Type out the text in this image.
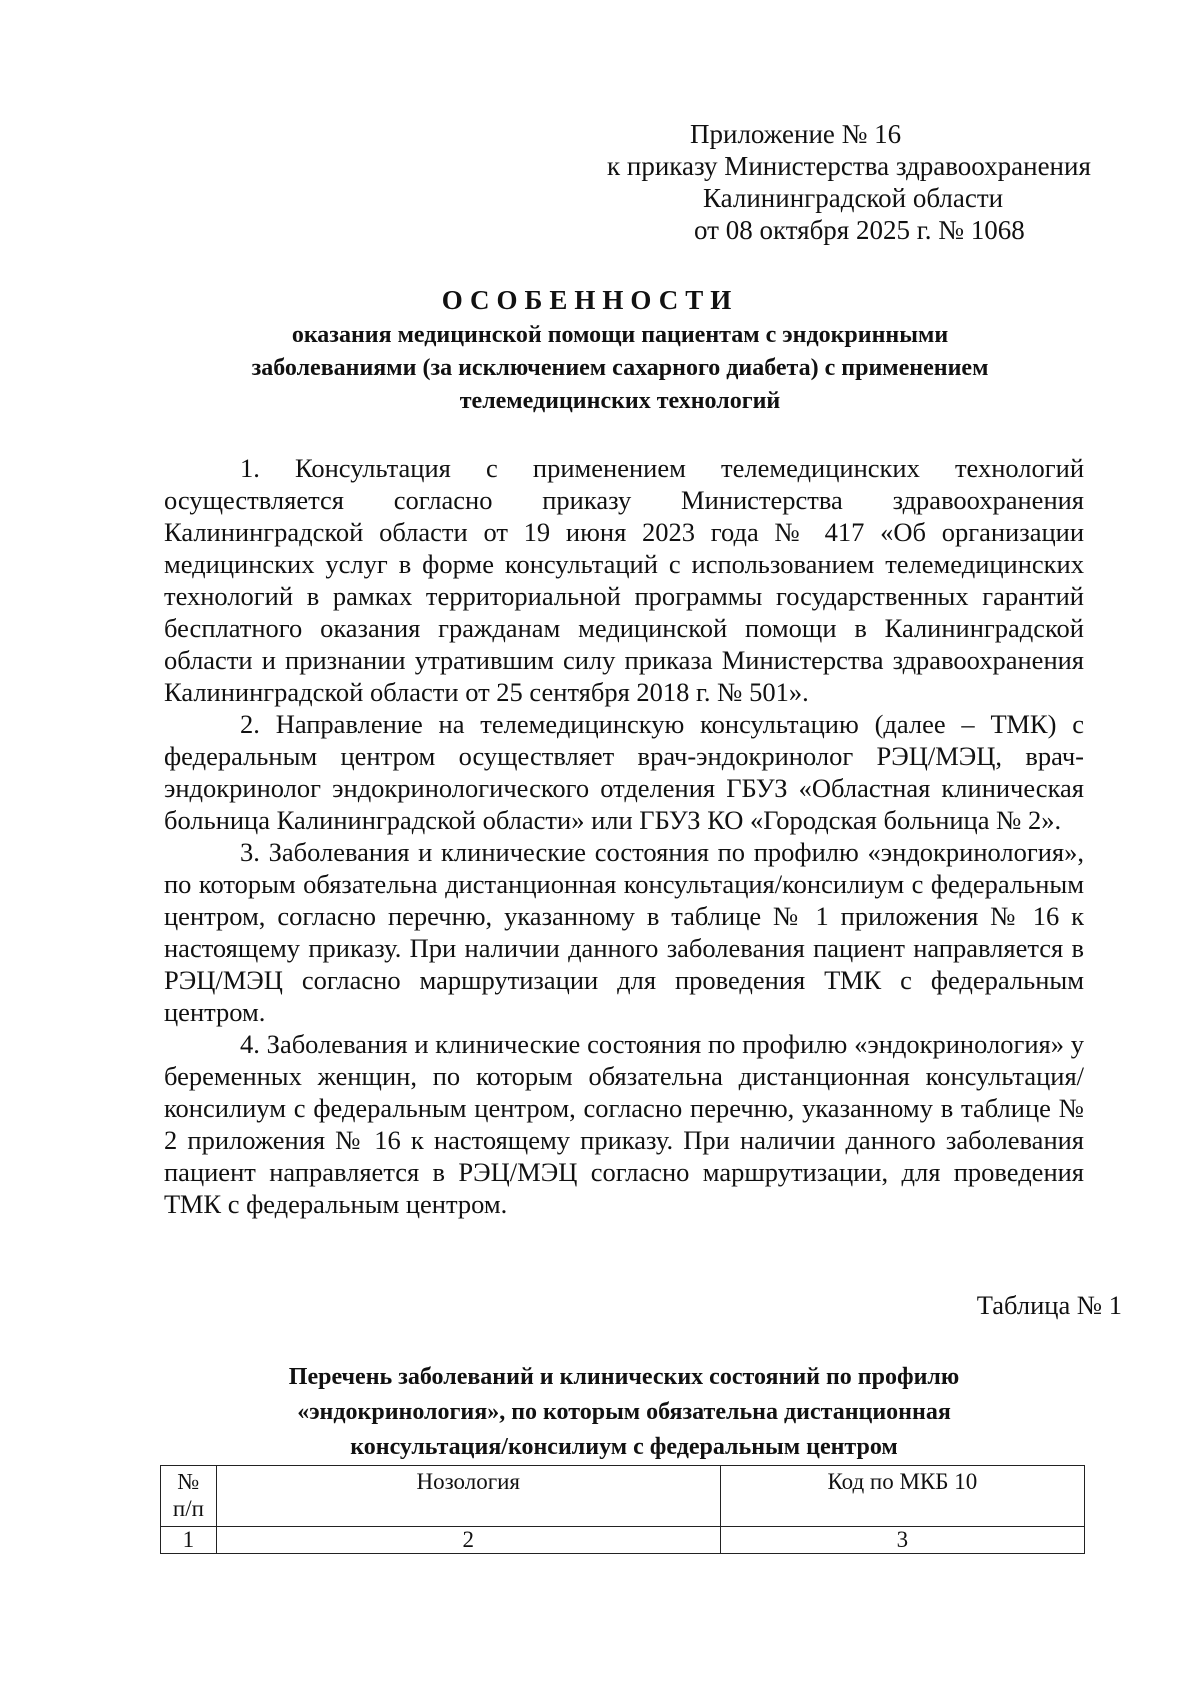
Приложение № 16
к приказу Министерства здравоохранения
Калининградской области
от 08 октября 2025 г. № 1068
ОСОБЕННОСТИ
оказания медицинской помощи пациентам с эндокринными
заболеваниями (за исключением сахарного диабета) с применением
телемедицинских технологий

1. Консультация с применением телемедицинских технологий осуществляется согласно приказу Министерства здравоохранения Калининградской области от 19 июня 2023 года № 417 «Об организации медицинских услуг в форме консультаций с использованием телемедицинских технологий в рамках территориальной программы государственных гарантий бесплатного оказания гражданам медицинской помощи в Калининградской области и признании утратившим силу приказа Министерства здравоохранения Калининградской области от 25 сентября 2018 г. № 501».

2. Направление на телемедицинскую консультацию (далее – ТМК) с федеральным центром осуществляет врач-эндокринолог РЭЦ/МЭЦ, врач-эндокринолог эндокринологического отделения ГБУЗ «Областная клиническая больница Калининградской области» или ГБУЗ КО «Городская больница № 2».

3. Заболевания и клинические состояния по профилю «эндокринология», по которым обязательна дистанционная консультация/консилиум с федеральным центром, согласно перечню, указанному в таблице № 1 приложения № 16 к настоящему приказу. При наличии данного заболевания пациент направляется в РЭЦ/МЭЦ согласно маршрутизации для проведения ТМК с федеральным центром.

4. Заболевания и клинические состояния по профилю «эндокринология» у беременных женщин, по которым обязательна дистанционная консультация/консилиум с федеральным центром, согласно перечню, указанному в таблице № 2 приложения № 16 к настоящему приказу. При наличии данного заболевания пациент направляется в РЭЦ/МЭЦ согласно маршрутизации, для проведения ТМК с федеральным центром.

Таблица № 1
Перечень заболеваний и клинических состояний по профилю
«эндокринология», по которым обязательна дистанционная
консультация/консилиум с федеральным центром
№
п/п	Нозология	Код по МКБ 10
1	2	3
